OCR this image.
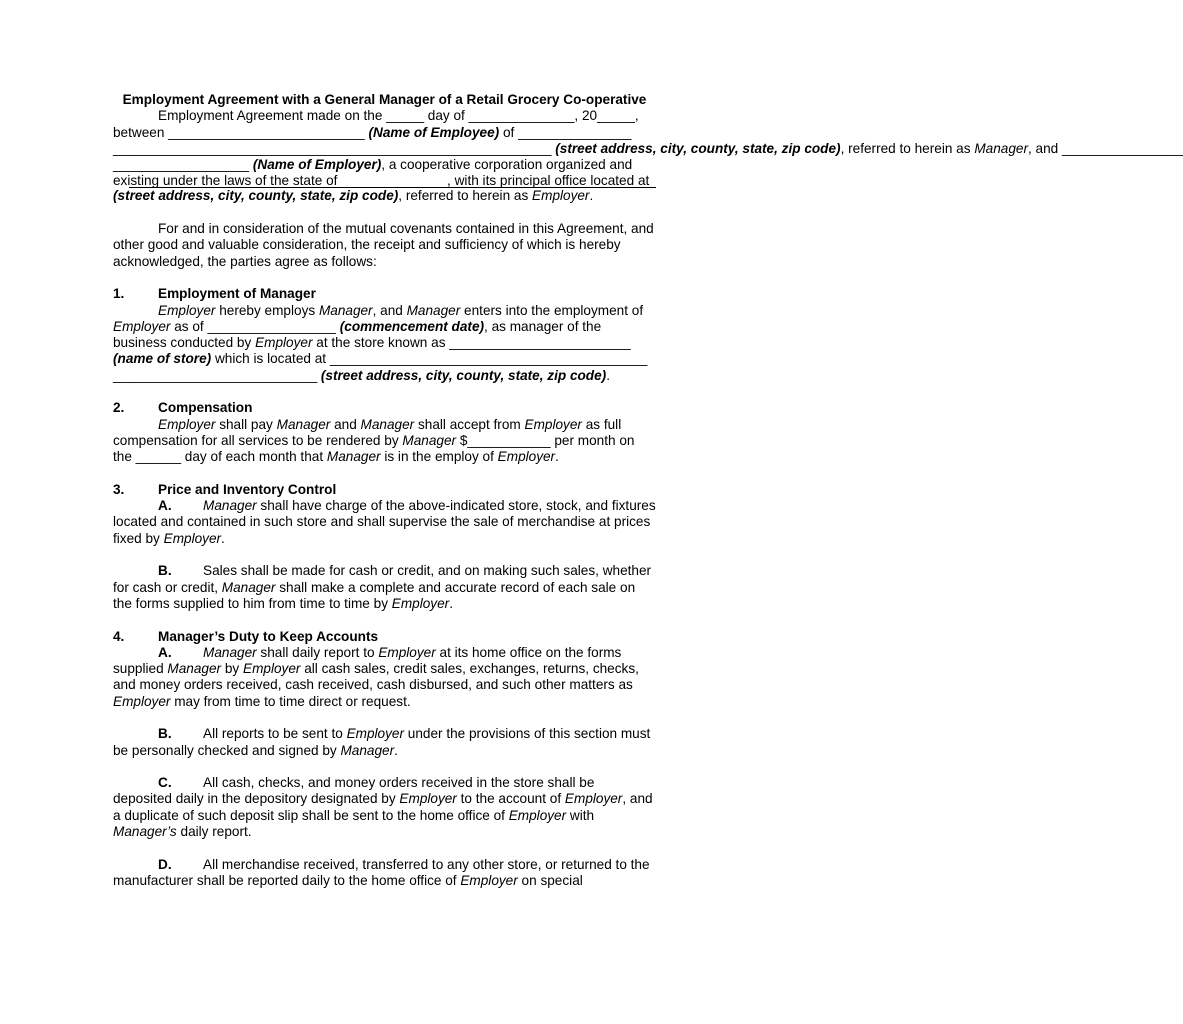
Employment Agreement with a General Manager of a Retail Grocery Co-operative

Employment Agreement made on the _____ day of ______________, 20_____,

between __________________________ (Name of Employee) of _______________

__________________________________________________________ (street address, city, county, state, zip code), referred to herein as Manager, and ________________

__________________ (Name of Employer), a cooperative corporation organized and existing under the laws of the state of ______________, with its principal office located at

(street address, city, county, state, zip code), referred to herein as Employer.

For and in consideration of the mutual covenants contained in this Agreement, and other good and valuable consideration, the receipt and sufficiency of which is hereby acknowledged, the parties agree as follows:

1.	Employment of Manager

Employer hereby employs Manager, and Manager enters into the employment of Employer as of _________________ (commencement date), as manager of the business conducted by Employer at the store known as ________________________ (name of store) which is located at __________________________________________ ___________________________ (street address, city, county, state, zip code).

2.	Compensation

Employer shall pay Manager and Manager shall accept from Employer as full compensation for all services to be rendered by Manager $___________ per month on the ______ day of each month that Manager is in the employ of Employer.

3.	Price and Inventory Control

A. Manager shall have charge of the above-indicated store, stock, and fixtures located and contained in such store and shall supervise the sale of merchandise at prices fixed by Employer.

B. Sales shall be made for cash or credit, and on making such sales, whether for cash or credit, Manager shall make a complete and accurate record of each sale on the forms supplied to him from time to time by Employer.

4.	Manager’s Duty to Keep Accounts

A. Manager shall daily report to Employer at its home office on the forms supplied Manager by Employer all cash sales, credit sales, exchanges, returns, checks, and money orders received, cash received, cash disbursed, and such other matters as Employer may from time to time direct or request.

B. All reports to be sent to Employer under the provisions of this section must be personally checked and signed by Manager.

C. All cash, checks, and money orders received in the store shall be deposited daily in the depository designated by Employer to the account of Employer, and a duplicate of such deposit slip shall be sent to the home office of Employer with Manager’s daily report.

D. All merchandise received, transferred to any other store, or returned to the manufacturer shall be reported daily to the home office of Employer on special
